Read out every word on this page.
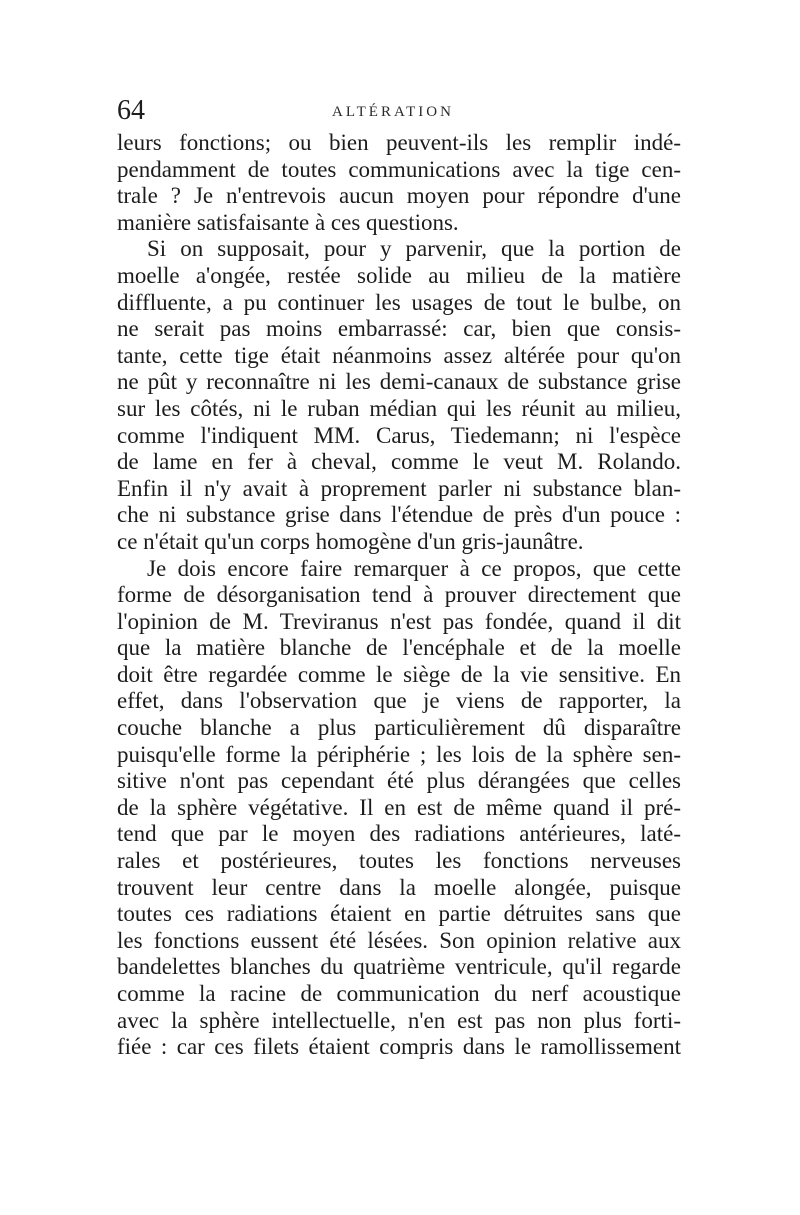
64	ALTÉRATION
leurs fonctions; ou bien peuvent-ils les remplir indé-
pendamment de toutes communications avec la tige cen-
trale ? Je n'entrevois aucun moyen pour répondre d'une
manière satisfaisante à ces questions.
Si on supposait, pour y parvenir, que la portion de
moelle a'ongée, restée solide au milieu de la matière
diffluente, a pu continuer les usages de tout le bulbe, on
ne serait pas moins embarrassé: car, bien que consis-
tante, cette tige était néanmoins assez altérée pour qu'on
ne pût y reconnaître ni les demi-canaux de substance grise
sur les côtés, ni le ruban médian qui les réunit au milieu,
comme l'indiquent MM. Carus, Tiedemann; ni l'espèce
de lame en fer à cheval, comme le veut M. Rolando.
Enfin il n'y avait à proprement parler ni substance blan-
che ni substance grise dans l'étendue de près d'un pouce :
ce n'était qu'un corps homogène d'un gris-jaunâtre.
Je dois encore faire remarquer à ce propos, que cette
forme de désorganisation tend à prouver directement que
l'opinion de M. Treviranus n'est pas fondée, quand il dit
que la matière blanche de l'encéphale et de la moelle
doit être regardée comme le siège de la vie sensitive. En
effet, dans l'observation que je viens de rapporter, la
couche blanche a plus particulièrement dû disparaître
puisqu'elle forme la périphérie ; les lois de la sphère sen-
sitive n'ont pas cependant été plus dérangées que celles
de la sphère végétative. Il en est de même quand il pré-
tend que par le moyen des radiations antérieures, laté-
rales et postérieures, toutes les fonctions nerveuses
trouvent leur centre dans la moelle alongée, puisque
toutes ces radiations étaient en partie détruites sans que
les fonctions eussent été lésées. Son opinion relative aux
bandelettes blanches du quatrième ventricule, qu'il regarde
comme la racine de communication du nerf acoustique
avec la sphère intellectuelle, n'en est pas non plus forti-
fiée : car ces filets étaient compris dans le ramollissement
